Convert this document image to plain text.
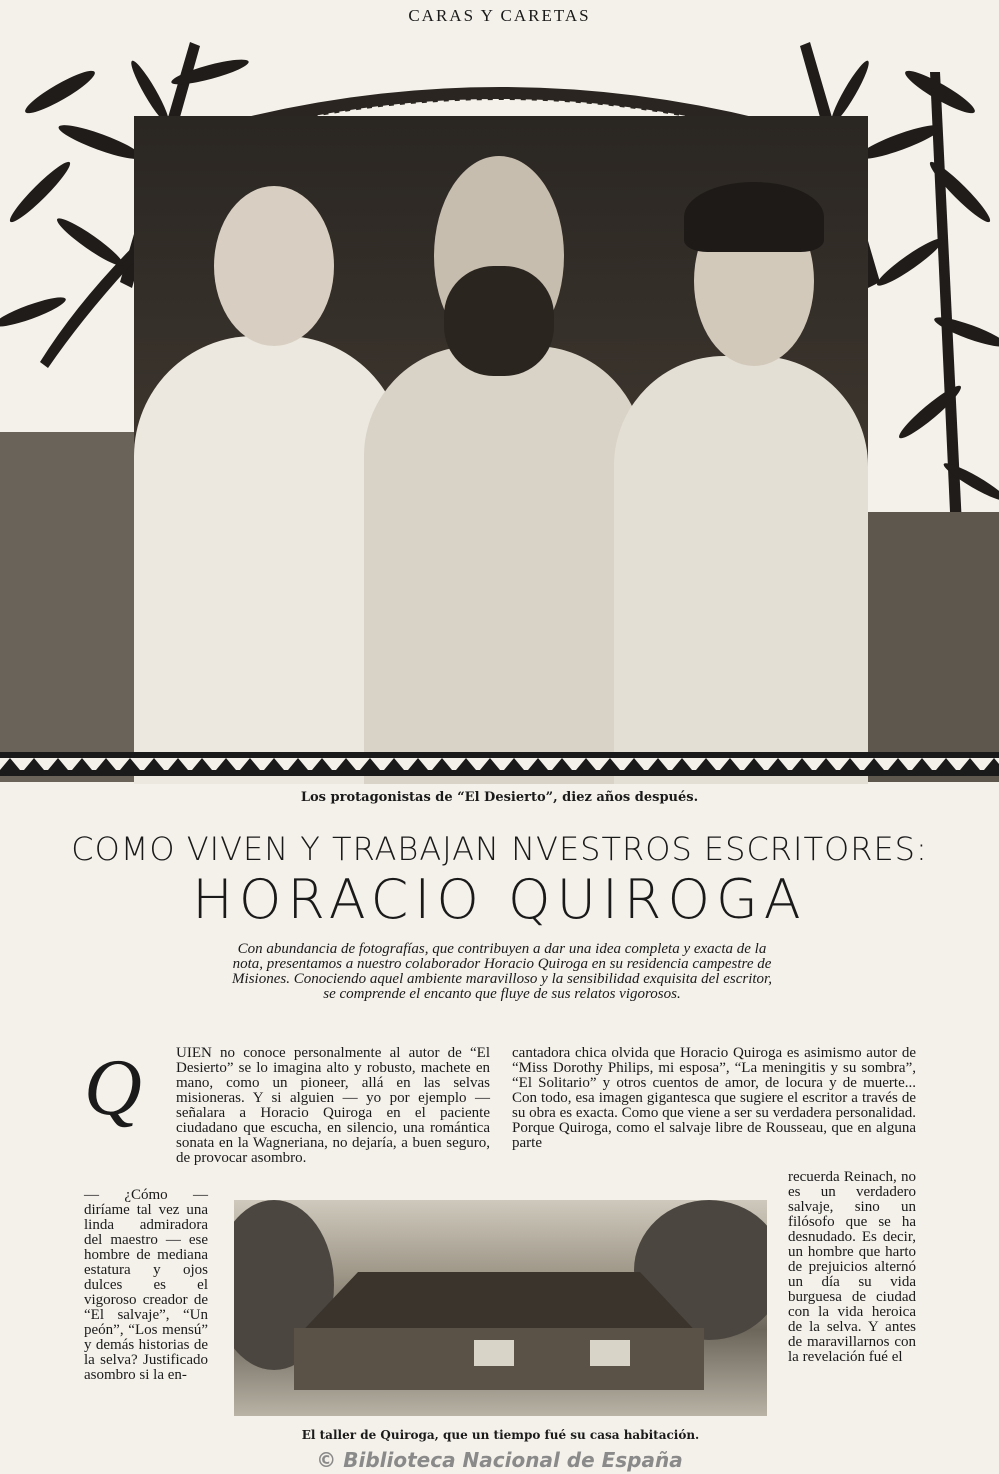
CARAS Y CARETAS
Los protagonistas de “El Desierto”, diez años después.
COMO VIVEN Y TRABAJAN NVESTROS ESCRITORES:
HORACIO QUIROGA
Con abundancia de fotografías, que contribuyen a dar una idea completa y exacta de la nota, presentamos a nuestro colaborador Horacio Quiroga en su residencia campestre de Misiones. Conociendo aquel ambiente maravilloso y la sensibilidad exquisita del escritor, se comprende el encanto que fluye de sus relatos vigorosos.
Q	UIEN no conoce personalmente al autor de “El Desierto” se lo imagina alto y robusto, machete en mano, como un pioneer, allá en las selvas misioneras. Y si alguien — yo por ejemplo — señalara a Horacio Quiroga en el paciente ciudadano que escucha, en silencio, una romántica sonata en la Wagneriana, no dejaría, a buen seguro, de provocar asombro.
— ¿Cómo — diríame tal vez una linda admiradora del maestro — ese hombre de mediana estatura y ojos dulces es el vigoroso creador de “El salvaje”, “Un peón”, “Los mensú” y demás historias de la selva? Justificado asombro si la en-
cantadora chica olvida que Horacio Quiroga es asimismo autor de “Miss Dorothy Philips, mi esposa”, “La meningitis y su sombra”, “El Solitario” y otros cuentos de amor, de locura y de muerte... Con todo, esa imagen gigantesca que sugiere el escritor a través de su obra es exacta. Como que viene a ser su verdadera personalidad. Porque Quiroga, como el salvaje libre de Rousseau, que en alguna parte
recuerda Reinach, no es un verdadero salvaje, sino un filósofo que se ha desnudado. Es decir, un hombre que harto de prejuicios alternó un día su vida burguesa de ciudad con la vida heroica de la selva. Y antes de maravillarnos con la revelación fué el
El taller de Quiroga, que un tiempo fué su casa habitación.
© Biblioteca Nacional de España
